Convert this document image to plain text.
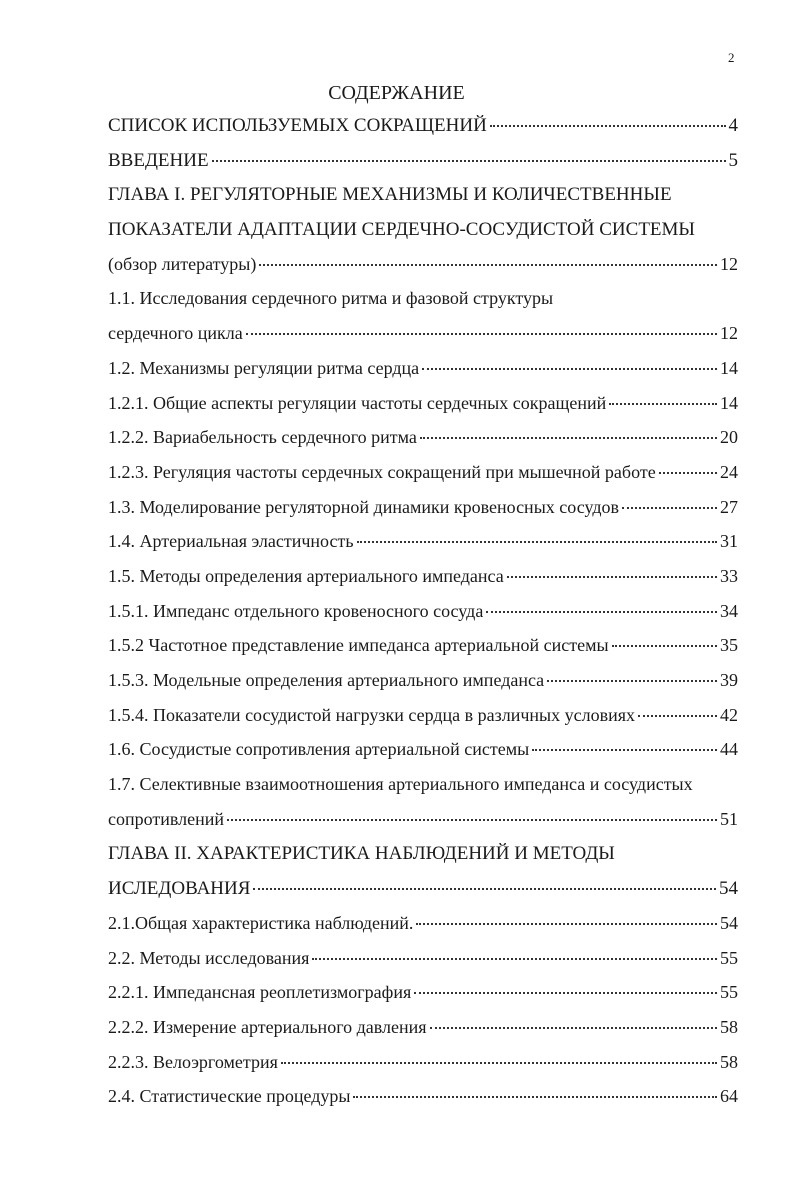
2
СОДЕРЖАНИЕ
СПИСОК ИСПОЛЬЗУЕМЫХ СОКРАЩЕНИЙ	4
ВВЕДЕНИЕ	5
ГЛАВА I. РЕГУЛЯТОРНЫЕ МЕХАНИЗМЫ И КОЛИЧЕСТВЕННЫЕ
ПОКАЗАТЕЛИ АДАПТАЦИИ СЕРДЕЧНО-СОСУДИСТОЙ СИСТЕМЫ
(обзор литературы)	12
1.1. Исследования сердечного ритма и фазовой структуры
сердечного цикла	12
1.2. Механизмы регуляции ритма сердца	14
1.2.1. Общие аспекты регуляции частоты сердечных сокращений	14
1.2.2. Вариабельность сердечного ритма	20
1.2.3. Регуляция частоты сердечных сокращений при мышечной работе	24
1.3. Моделирование регуляторной динамики кровеносных сосудов	27
1.4. Артериальная эластичность	31
1.5. Методы определения артериального импеданса	33
1.5.1. Импеданс отдельного кровеносного сосуда	34
1.5.2 Частотное представление импеданса артериальной системы	35
1.5.3. Модельные определения артериального импеданса	39
1.5.4. Показатели сосудистой нагрузки сердца в различных условиях	42
1.6. Сосудистые сопротивления артериальной системы	44
1.7. Селективные взаимоотношения артериального импеданса и сосудистых
сопротивлений	51
ГЛАВА II. ХАРАКТЕРИСТИКА НАБЛЮДЕНИЙ И МЕТОДЫ
ИСЛЕДОВАНИЯ	54
2.1.Общая характеристика наблюдений.	54
2.2. Методы исследования	55
2.2.1. Импедансная реоплетизмография	55
2.2.2. Измерение артериального давления	58
2.2.3. Велоэргометрия	58
2.4. Статистические процедуры	64
